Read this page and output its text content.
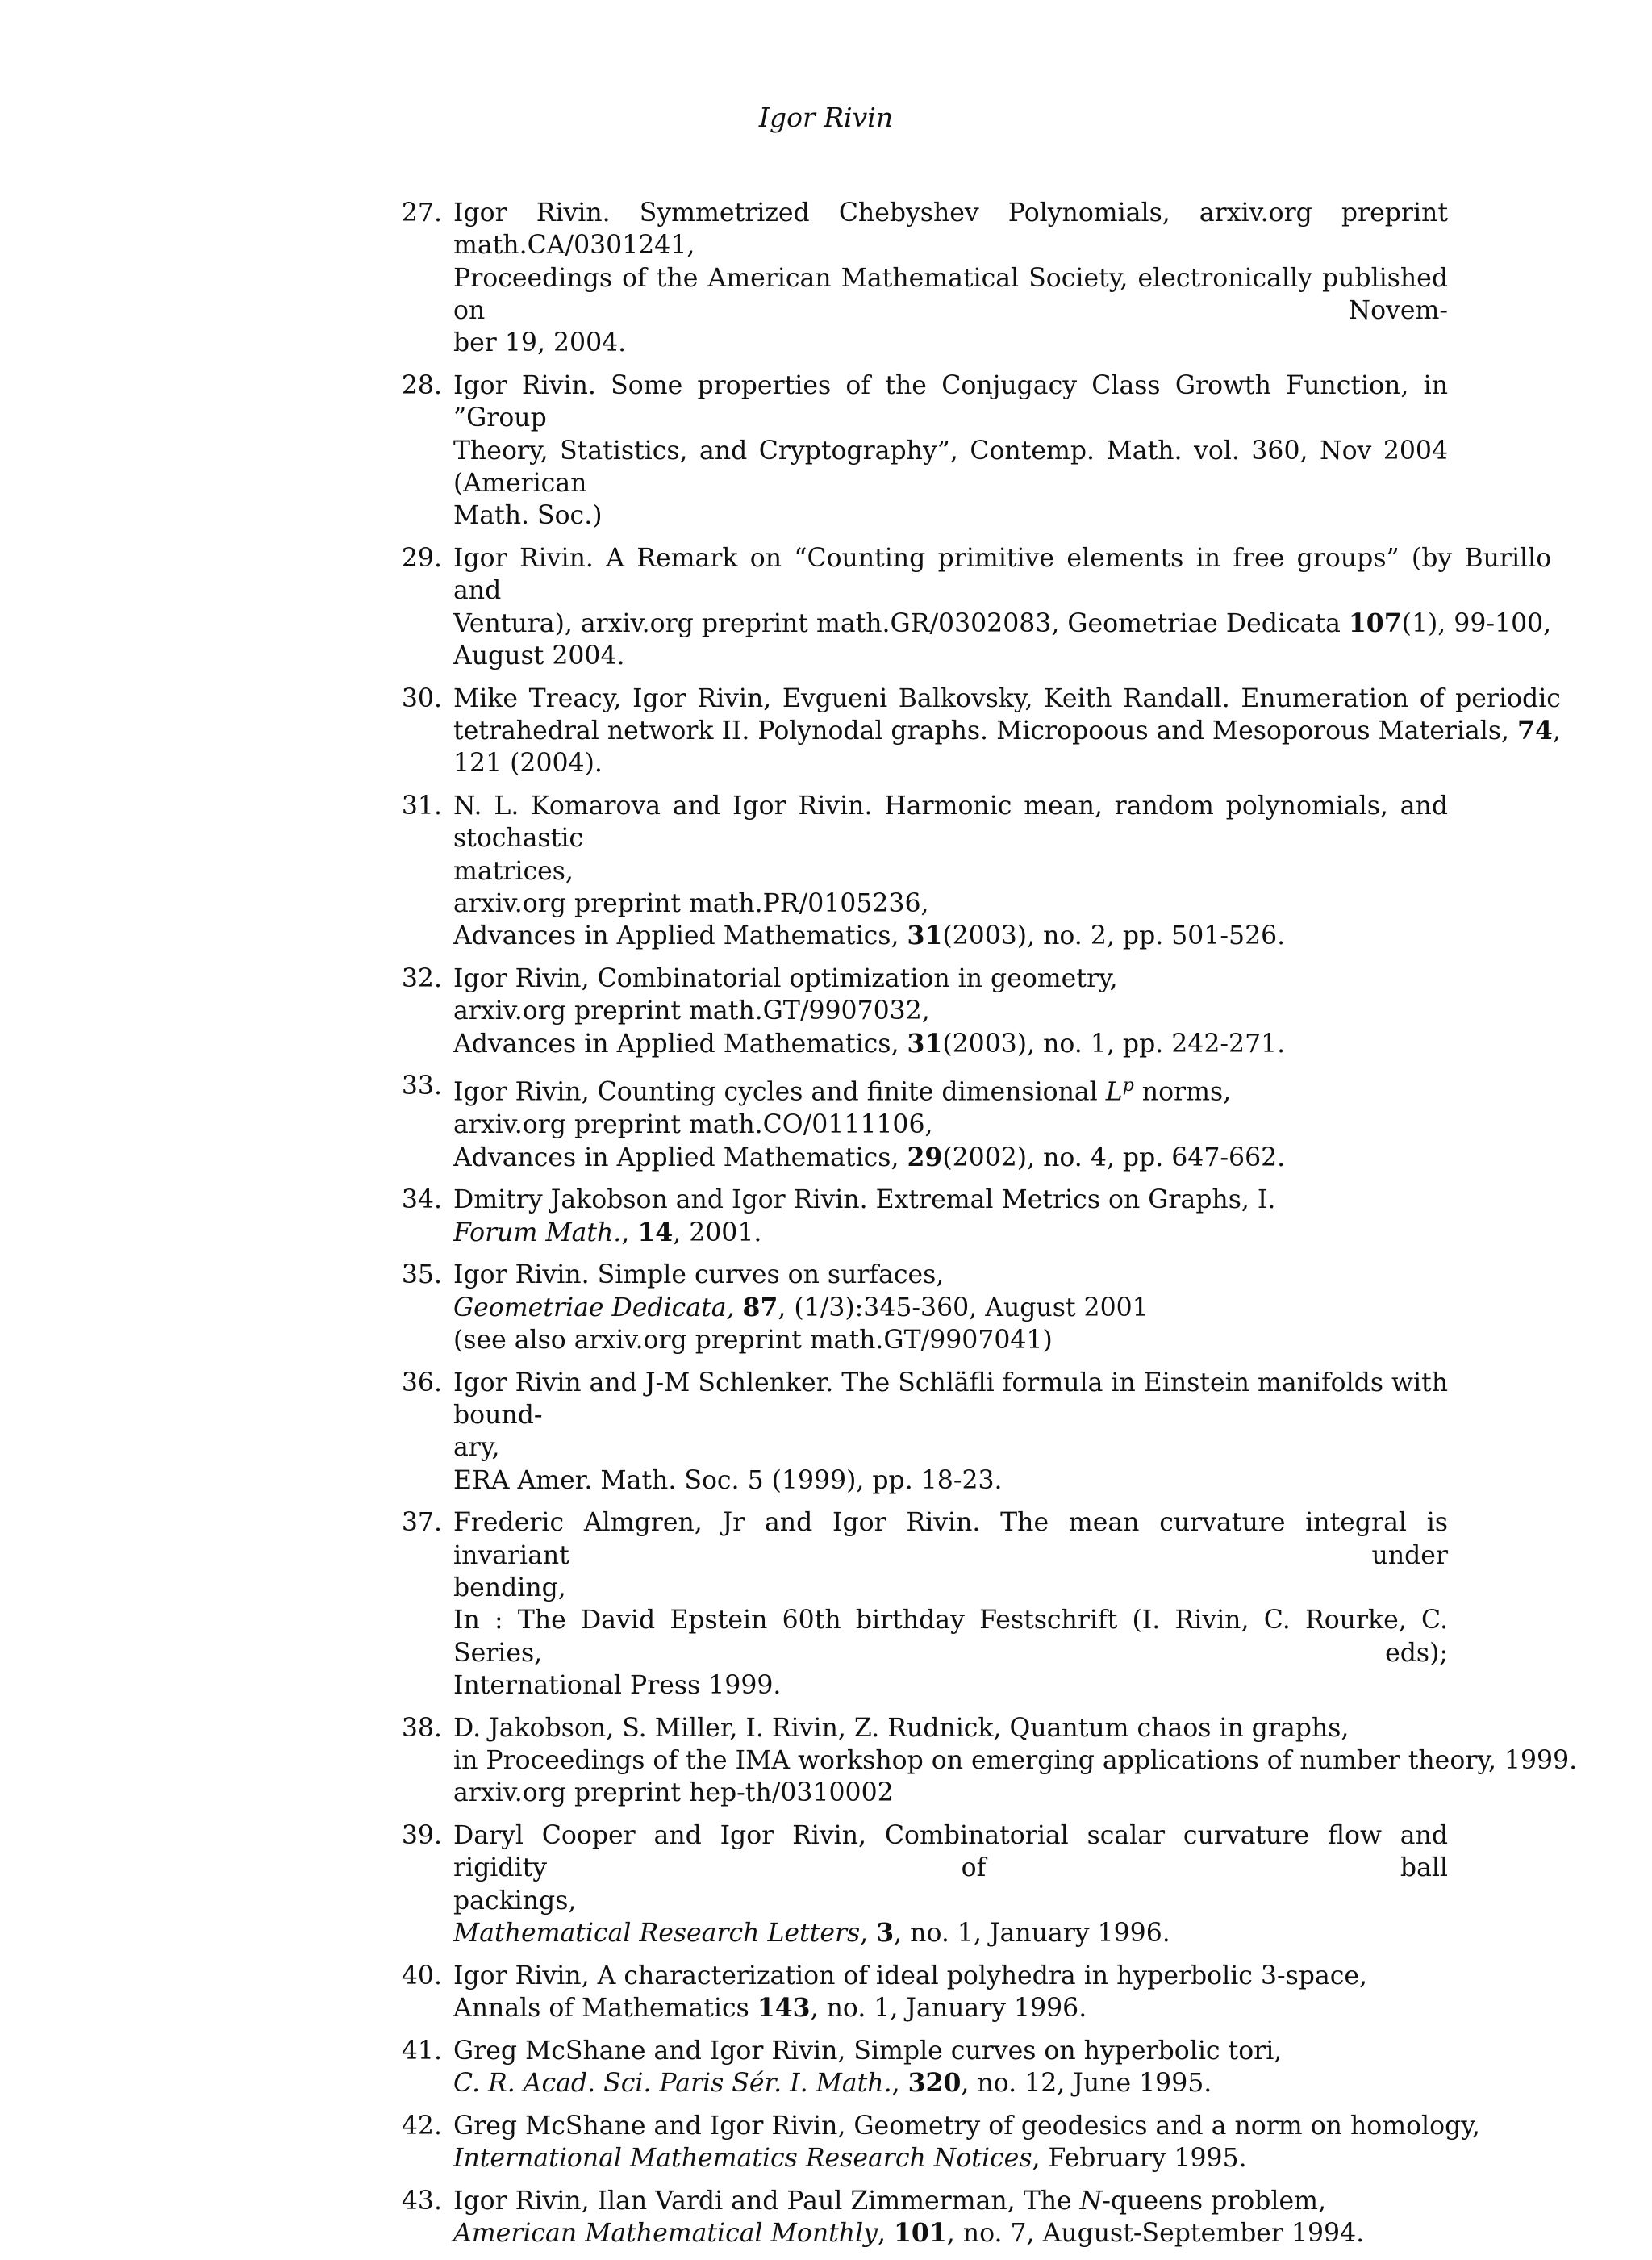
Igor Rivin
27. Igor Rivin. Symmetrized Chebyshev Polynomials, arxiv.org preprint math.CA/0301241,
Proceedings of the American Mathematical Society, electronically published on Novem-
ber 19, 2004.
28. Igor Rivin. Some properties of the Conjugacy Class Growth Function, in ”Group
Theory, Statistics, and Cryptography”, Contemp. Math. vol. 360, Nov 2004 (American
Math. Soc.)
29. Igor Rivin. A Remark on “Counting primitive elements in free groups” (by Burillo and
Ventura), arxiv.org preprint math.GR/0302083, Geometriae Dedicata 107(1), 99-100,
August 2004.
30. Mike Treacy, Igor Rivin, Evgueni Balkovsky, Keith Randall. Enumeration of periodic
tetrahedral network II. Polynodal graphs. Micropoous and Mesoporous Materials, 74,
121 (2004).
31. N. L. Komarova and Igor Rivin. Harmonic mean, random polynomials, and stochastic
matrices,
arxiv.org preprint math.PR/0105236,
Advances in Applied Mathematics, 31(2003), no. 2, pp. 501-526.
32. Igor Rivin, Combinatorial optimization in geometry,
arxiv.org preprint math.GT/9907032,
Advances in Applied Mathematics, 31(2003), no. 1, pp. 242-271.
33. Igor Rivin, Counting cycles and finite dimensional $L^p$ norms,
arxiv.org preprint math.CO/0111106,
Advances in Applied Mathematics, 29(2002), no. 4, pp. 647-662.
34. Dmitry Jakobson and Igor Rivin. Extremal Metrics on Graphs, I.
Forum Math., 14, 2001.
35. Igor Rivin. Simple curves on surfaces,
Geometriae Dedicata, 87, (1/3):345-360, August 2001
(see also arxiv.org preprint math.GT/9907041)
36. Igor Rivin and J-M Schlenker. The Schläfli formula in Einstein manifolds with bound-
ary,
ERA Amer. Math. Soc. 5 (1999), pp. 18-23.
37. Frederic Almgren, Jr and Igor Rivin. The mean curvature integral is invariant under
bending,
In : The David Epstein 60th birthday Festschrift (I. Rivin, C. Rourke, C. Series, eds);
International Press 1999.
38. D. Jakobson, S. Miller, I. Rivin, Z. Rudnick, Quantum chaos in graphs,
in Proceedings of the IMA workshop on emerging applications of number theory, 1999.
arxiv.org preprint hep-th/0310002
39. Daryl Cooper and Igor Rivin, Combinatorial scalar curvature flow and rigidity of ball
packings,
Mathematical Research Letters, 3, no. 1, January 1996.
40. Igor Rivin, A characterization of ideal polyhedra in hyperbolic 3-space,
Annals of Mathematics 143, no. 1, January 1996.
41. Greg McShane and Igor Rivin, Simple curves on hyperbolic tori,
C. R. Acad. Sci. Paris Sér. I. Math., 320, no. 12, June 1995.
42. Greg McShane and Igor Rivin, Geometry of geodesics and a norm on homology,
International Mathematics Research Notices, February 1995.
43. Igor Rivin, Ilan Vardi and Paul Zimmerman, The N-queens problem,
American Mathematical Monthly, 101, no. 7, August-September 1994.
